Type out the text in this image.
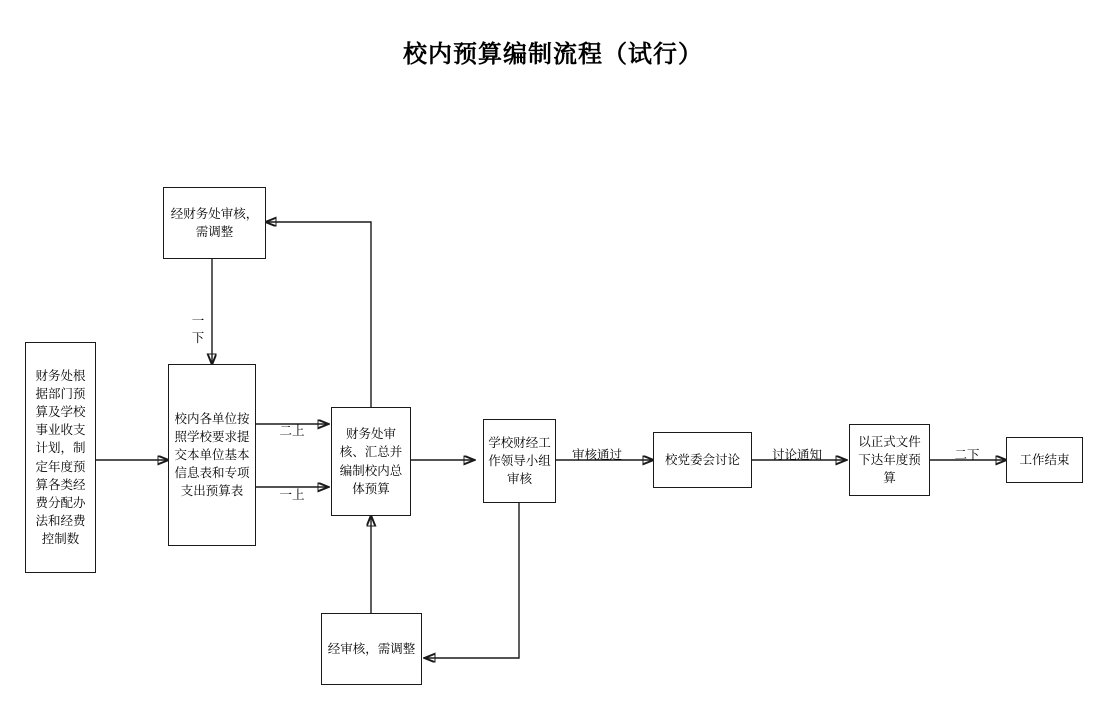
校内预算编制流程（试行）
经财务处审核，需调整
财务处根据部门预算及学校事业收支计划，制定年度预算各类经费分配办法和经费控制数
校内各单位按照学校要求提交本单位基本信息表和专项支出预算表
财务处审核、汇总并编制校内总体预算
学校财经工作领导小组审核
校党委会讨论
以正式文件下达年度预算
工作结束
经审核，需调整

一下

二上

一上

审核通过	讨论通知	二下
